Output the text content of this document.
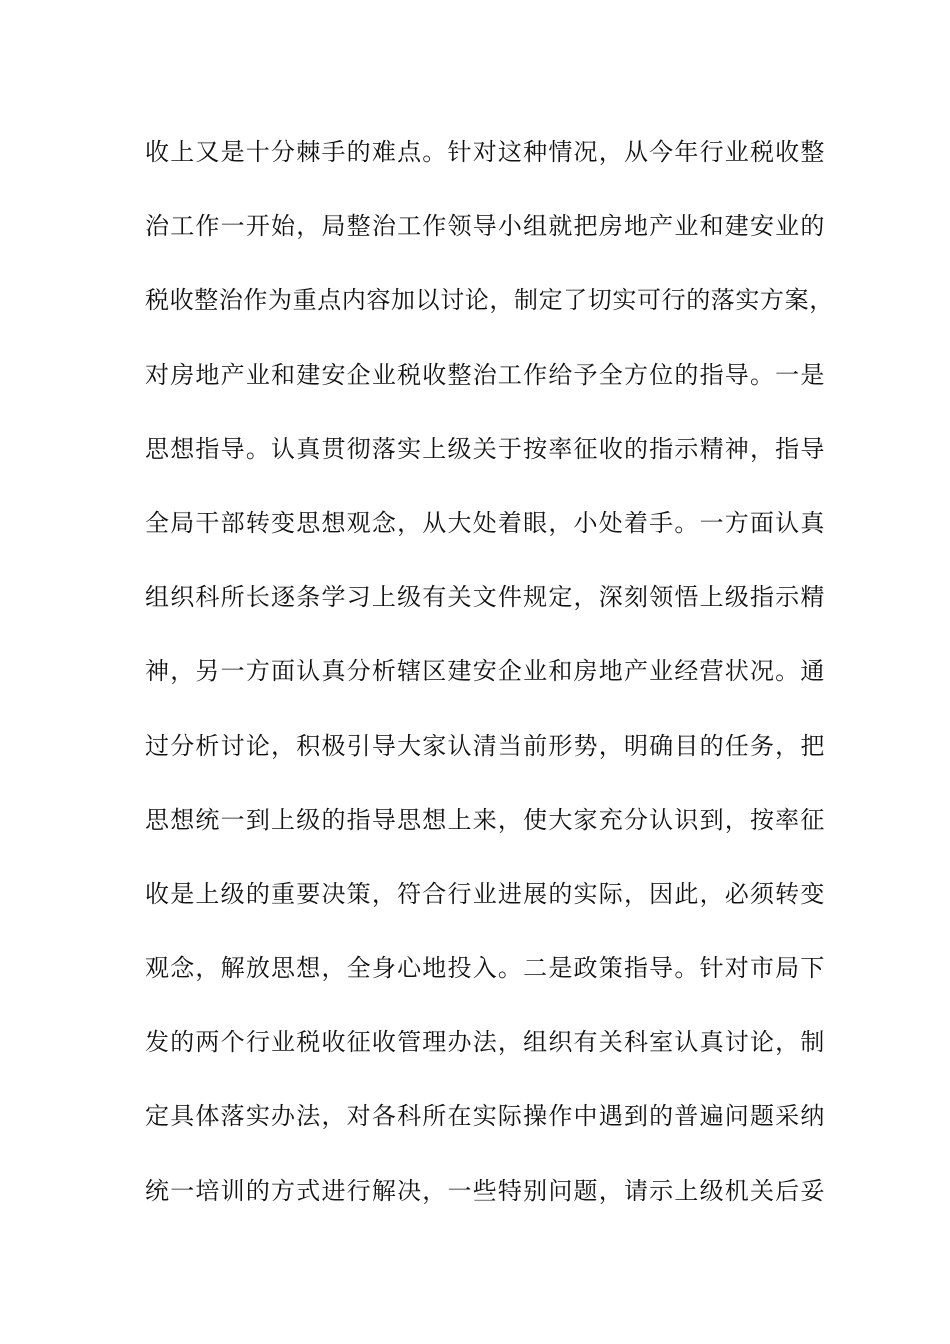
收上又是十分棘手的难点。针对这种情况，从今年行业税收整
治工作一开始，局整治工作领导小组就把房地产业和建安业的
税收整治作为重点内容加以讨论，制定了切实可行的落实方案，
对房地产业和建安企业税收整治工作给予全方位的指导。一是
思想指导。认真贯彻落实上级关于按率征收的指示精神，指导
全局干部转变思想观念，从大处着眼，小处着手。一方面认真
组织科所长逐条学习上级有关文件规定，深刻领悟上级指示精
神，另一方面认真分析辖区建安企业和房地产业经营状况。通
过分析讨论，积极引导大家认清当前形势，明确目的任务，把
思想统一到上级的指导思想上来，使大家充分认识到，按率征
收是上级的重要决策，符合行业进展的实际，因此，必须转变
观念，解放思想，全身心地投入。二是政策指导。针对市局下
发的两个行业税收征收管理办法，组织有关科室认真讨论，制
定具体落实办法，对各科所在实际操作中遇到的普遍问题采纳
统一培训的方式进行解决，一些特别问题，请示上级机关后妥
